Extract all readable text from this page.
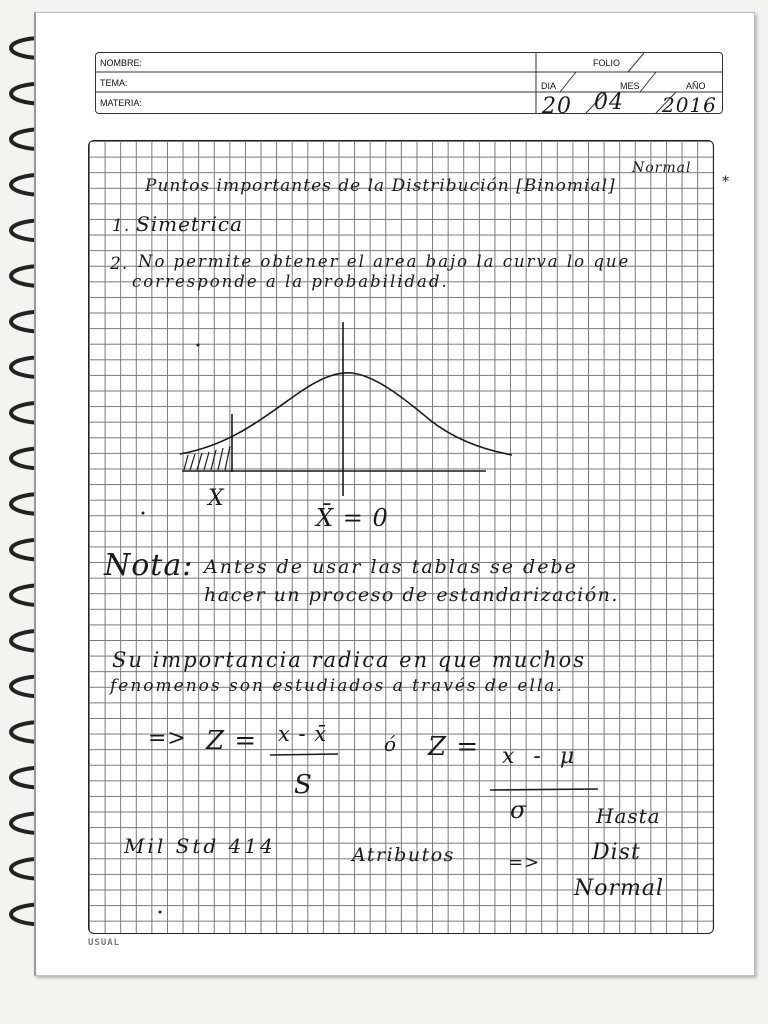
NOMBRE:
TEMA:
MATERIA:
FOLIO
DIA	MES	AÑO
20 04 2016
Normal
Puntos importantes de la Distribución [Binomial]	*
1. Simetrica
2. No permite obtener el area bajo la curva lo que
corresponde a la probabilidad.
X
X̄ = 0
Nota: Antes de usar las tablas se debe
hacer un proceso de estandarización.
Su importancia radica en que muchos
fenomenos son estudiados a través de ella.
=> Z = x - x̄
S
ó Z = x - μ
σ	Hasta
Mil Std 414	Atributos	=> Dist
Normal
USUAL
